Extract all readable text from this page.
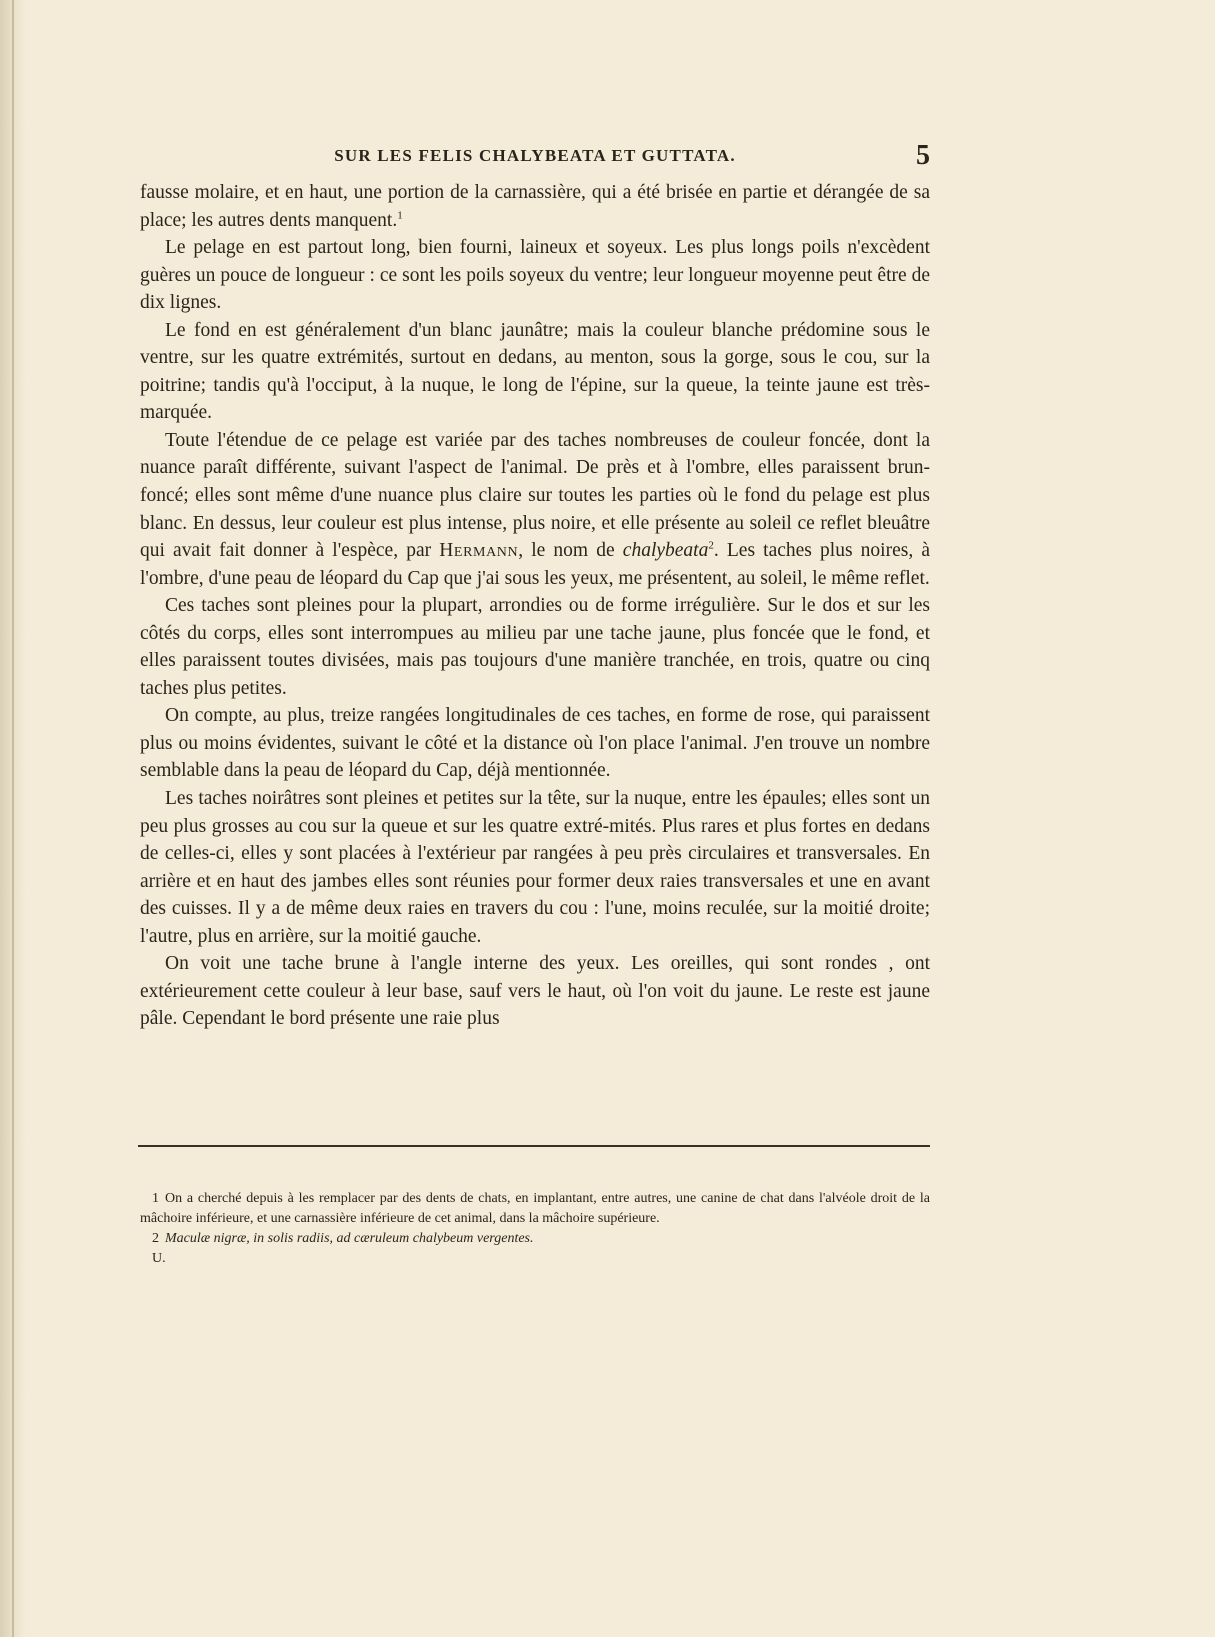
SUR LES FELIS CHALYBEATA ET GUTTATA.	5

fausse molaire, et en haut, une portion de la carnassière, qui a été brisée en partie et dérangée de sa place; les autres dents manquent.$^1$

Le pelage en est partout long, bien fourni, laineux et soyeux. Les plus longs poils n'excèdent guères un pouce de longueur : ce sont les poils soyeux du ventre; leur longueur moyenne peut être de dix lignes.

Le fond en est généralement d'un blanc jaunâtre; mais la couleur blanche prédomine sous le ventre, sur les quatre extrémités, surtout en dedans, au menton, sous la gorge, sous le cou, sur la poitrine; tandis qu'à l'occiput, à la nuque, le long de l'épine, sur la queue, la teinte jaune est très-marquée.

Toute l'étendue de ce pelage est variée par des taches nombreuses de couleur foncée, dont la nuance paraît différente, suivant l'aspect de l'animal. De près et à l'ombre, elles paraissent brun-foncé; elles sont même d'une nuance plus claire sur toutes les parties où le fond du pelage est plus blanc. En dessus, leur couleur est plus intense, plus noire, et elle présente au soleil ce reflet bleuâtre qui avait fait donner à l'espèce, par Hermann, le nom de chalybeata$^2$. Les taches plus noires, à l'ombre, d'une peau de léopard du Cap que j'ai sous les yeux, me présentent, au soleil, le même reflet.

Ces taches sont pleines pour la plupart, arrondies ou de forme irrégulière. Sur le dos et sur les côtés du corps, elles sont interrompues au milieu par une tache jaune, plus foncée que le fond, et elles paraissent toutes divisées, mais pas toujours d'une manière tranchée, en trois, quatre ou cinq taches plus petites.

On compte, au plus, treize rangées longitudinales de ces taches, en forme de rose, qui paraissent plus ou moins évidentes, suivant le côté et la distance où l'on place l'animal. J'en trouve un nombre semblable dans la peau de léopard du Cap, déjà mentionnée.

Les taches noirâtres sont pleines et petites sur la tête, sur la nuque, entre les épaules; elles sont un peu plus grosses au cou sur la queue et sur les quatre extré-mités. Plus rares et plus fortes en dedans de celles-ci, elles y sont placées à l'extérieur par rangées à peu près circulaires et transversales. En arrière et en haut des jambes elles sont réunies pour former deux raies transversales et une en avant des cuisses. Il y a de même deux raies en travers du cou : l'une, moins reculée, sur la moitié droite; l'autre, plus en arrière, sur la moitié gauche.

On voit une tache brune à l'angle interne des yeux. Les oreilles, qui sont rondes , ont extérieurement cette couleur à leur base, sauf vers le haut, où l'on voit du jaune. Le reste est jaune pâle. Cependant le bord présente une raie plus

1 On a cherché depuis à les remplacer par des dents de chats, en implantant, entre autres, une canine de chat dans l'alvéole droit de la mâchoire inférieure, et une carnassière inférieure de cet animal, dans la mâchoire supérieure.

2 Maculæ nigræ, in solis radiis, ad cæruleum chalybeum vergentes.

U.
